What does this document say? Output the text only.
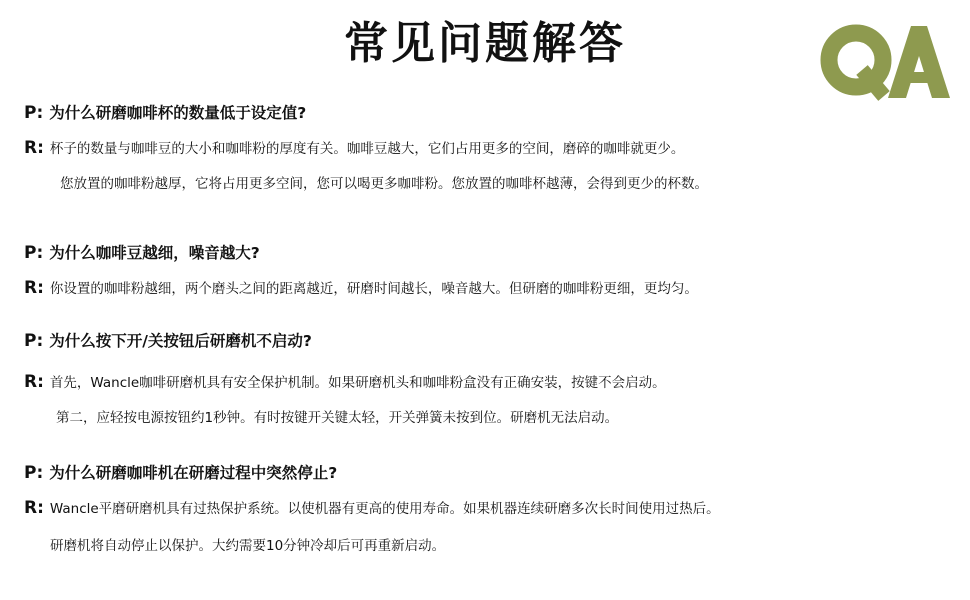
常见问题解答
P: 为什么研磨咖啡杯的数量低于设定值?
R: 杯子的数量与咖啡豆的大小和咖啡粉的厚度有关。咖啡豆越大，它们占用更多的空间，磨碎的咖啡就更少。
您放置的咖啡粉越厚，它将占用更多空间，您可以喝更多咖啡粉。您放置的咖啡杯越薄，会得到更少的杯数。
P: 为什么咖啡豆越细，噪音越大?
R: 你设置的咖啡粉越细，两个磨头之间的距离越近，研磨时间越长，噪音越大。但研磨的咖啡粉更细，更均匀。
P: 为什么按下开/关按钮后研磨机不启动?
R: 首先，Wancle咖啡研磨机具有安全保护机制。如果研磨机头和咖啡粉盒没有正确安装，按键不会启动。
第二，应轻按电源按钮约1秒钟。有时按键开关键太轻，开关弹簧未按到位。研磨机无法启动。
P: 为什么研磨咖啡机在研磨过程中突然停止?
R: Wancle平磨研磨机具有过热保护系统。以使机器有更高的使用寿命。如果机器连续研磨多次长时间使用过热后。
研磨机将自动停止以保护。大约需要10分钟冷却后可再重新启动。
